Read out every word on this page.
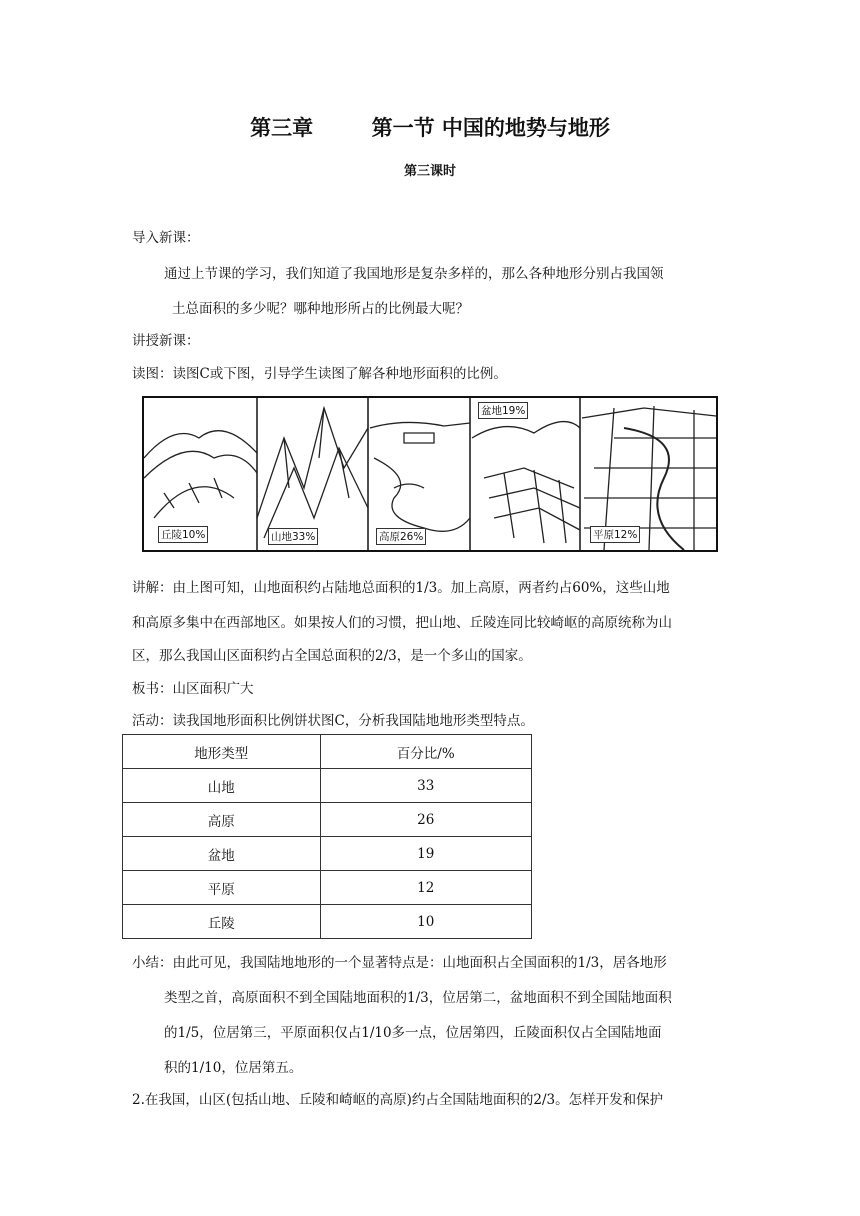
第三章        第一节 中国的地势与地形
第三课时
导入新课：
通过上节课的学习，我们知道了我国地形是复杂多样的，那么各种地形分别占我国领
土总面积的多少呢？哪种地形所占的比例最大呢？
讲授新课：
读图：读图C或下图，引导学生读图了解各种地形面积的比例。
丘陵10%	山地33%	高原26%
盆地19%
平原12%
讲解：由上图可知，山地面积约占陆地总面积的1/3。加上高原，两者约占60%，这些山地
和高原多集中在西部地区。如果按人们的习惯，把山地、丘陵连同比较崎岖的高原统称为山
区，那么我国山区面积约占全国总面积的2/3，是一个多山的国家。
板书：山区面积广大
活动：读我国地形面积比例饼状图C，分析我国陆地地形类型特点。
地形类型	百分比/%
山地	33
高原	26
盆地	19
平原	12
丘陵	10
小结：由此可见，我国陆地地形的一个显著特点是：山地面积占全国面积的1/3，居各地形
类型之首，高原面积不到全国陆地面积的1/3，位居第二，盆地面积不到全国陆地面积
的1/5，位居第三，平原面积仅占1/10多一点，位居第四，丘陵面积仅占全国陆地面
积的1/10，位居第五。
2.在我国，山区(包括山地、丘陵和崎岖的高原)约占全国陆地面积的2/3。怎样开发和保护
